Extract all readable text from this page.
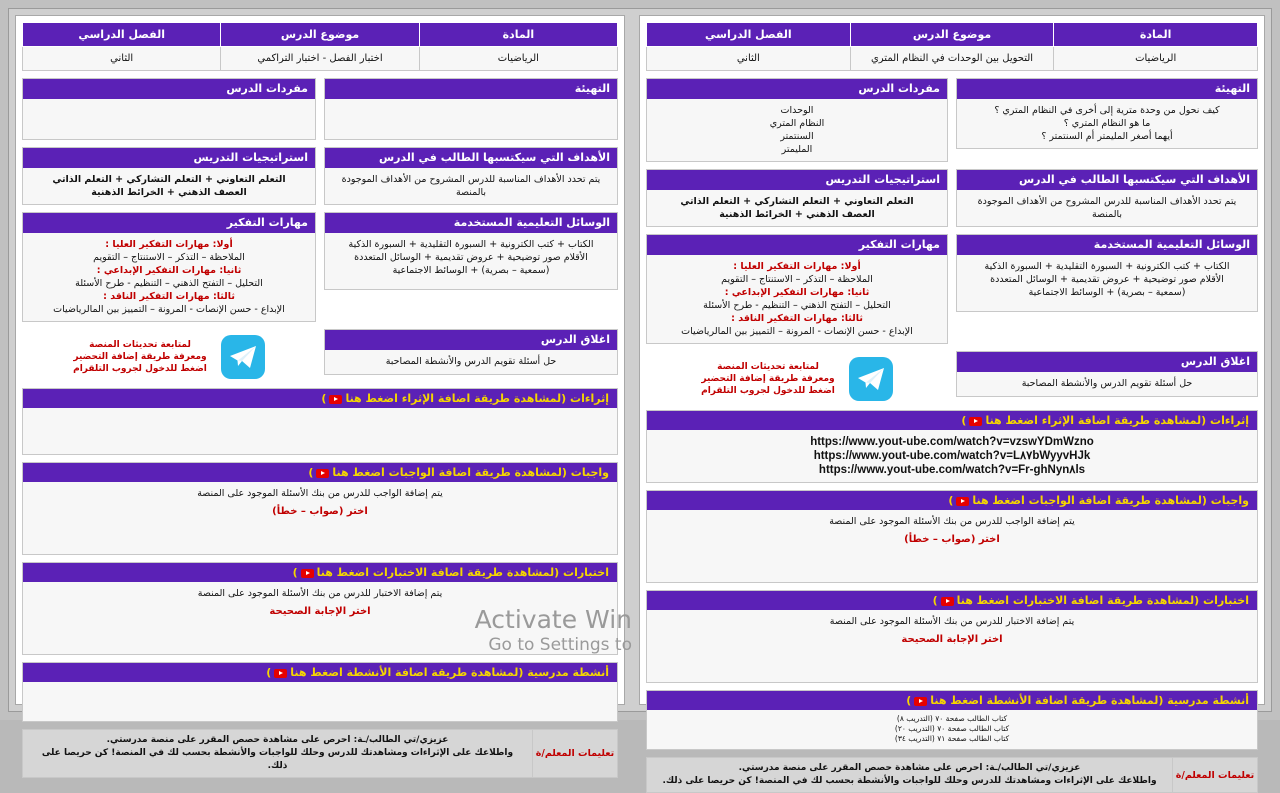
المادة	موضوع الدرس	الفصل الدراسي
الرياضيات	التحويل بين الوحدات في النظام المتري	الثاني
التهيئة
كيف نحول من وحدة مترية إلى أخرى في النظام المتري ؟
ما هو النظام المتري ؟
أيهما أصغر المليمتر أم السنتمتر ؟
مفردات الدرس
الوحدات
النظام المتري
السنتمتر
المليمتر
الأهداف التي سيكتسبها الطالب في الدرس
يتم تحدد الأهداف المناسبة للدرس المشروح من الأهداف الموجودة
بالمنصة
استراتيجيات التدريس
التعلم التعاوني + التعلم التشاركي + التعلم الذاتي
العصف الذهني + الخرائط الذهنية
الوسائل التعليمية المستخدمة
الكتاب + كتب الكترونية + السبورة التقليدية + السبورة الذكية
الأقلام صور توضيحية + عروض تقديمية + الوسائل المتعددة
(سمعية – بصرية) + الوسائط الاجتماعية
مهارات التفكير
أولا: مهارات التفكير العليا :
الملاحظة – التذكر – الاستنتاج – التقويم
ثانيا: مهارات التفكير الإبداعي :
التحليل – التفتح الذهني – التنظيم - طرح الأسئلة
ثالثا: مهارات التفكير الناقد :
الإبداع - حسن الإنصات - المرونة – التمييز بين المالرياضيات
اغلاق الدرس
حل أسئلة تقويم الدرس والأنشطة المصاحبة
لمتابعة تحديثات المنصة
ومعرفة طريقة إضافة التحضير
اضغط للدخول لجروب التلقرام
إثراءات (لمشاهدة طريقة اضافة الإثراء اضغط هنا)
https://www.yout-ube.com/watch?v=vzswYDmWzno
https://www.yout-ube.com/watch?v=L٨٧bWyyvHJk
https://www.yout-ube.com/watch?v=Fr-ghNyn٨ls
واجبات (لمشاهدة طريقة اضافة الواجبات اضغط هنا)
يتم إضافة الواجب للدرس من بنك الأسئلة الموجود على المنصة
اختر (صواب – خطأ)
اختبارات (لمشاهدة طريقة اضافة الاختبارات اضغط هنا)
يتم إضافة الاختبار للدرس من بنك الأسئلة الموجود على المنصة
اختر الإجابة الصحيحة
أنشطة مدرسية (لمشاهدة طريقة اضافة الأنشطة اضغط هنا)
كتاب الطالب صفحة ٧٠ (التدريب ٨)
كتاب الطالب صفحة ٧٠ (التدريب ٢٠)
كتاب الطالب صفحة ٧١ (التدريب ٣٤)
تعليمات المعلم/ة
عزيزي/تي الطالب/ـة: احرص على مشاهدة حصص المقرر على منصة مدرستي.
واطلاعك على الإثراءات ومشاهدتك للدرس وحلك للواجبات والأنشطة بحسب لك في المنصة! كن حريصا على ذلك.
المادة	موضوع الدرس	الفصل الدراسي
الرياضيات	اختبار الفصل - اختبار التراكمي	الثاني
التهيئة
مفردات الدرس
الأهداف التي سيكتسبها الطالب في الدرس
يتم تحدد الأهداف المناسبة للدرس المشروح من الأهداف الموجودة
بالمنصة
استراتيجيات التدريس
التعلم التعاوني + التعلم التشاركي + التعلم الذاتي
العصف الذهني + الخرائط الذهنية
الوسائل التعليمية المستخدمة
الكتاب + كتب الكترونية + السبورة التقليدية + السبورة الذكية
الأقلام صور توضيحية + عروض تقديمية + الوسائل المتعددة
(سمعية – بصرية) + الوسائط الاجتماعية
مهارات التفكير
أولا: مهارات التفكير العليا :
الملاحظة – التذكر – الاستنتاج – التقويم
ثانيا: مهارات التفكير الإبداعي :
التحليل – التفتح الذهني – التنظيم - طرح الأسئلة
ثالثا: مهارات التفكير الناقد :
الإبداع - حسن الإنصات - المرونة – التمييز بين المالرياضيات
اغلاق الدرس
حل أسئلة تقويم الدرس والأنشطة المصاحبة
لمتابعة تحديثات المنصة
ومعرفة طريقة إضافة التحضير
اضغط للدخول لجروب التلقرام
إثراءات (لمشاهدة طريقة اضافة الإثراء اضغط هنا)
واجبات (لمشاهدة طريقة اضافة الواجبات اضغط هنا)
يتم إضافة الواجب للدرس من بنك الأسئلة الموجود على المنصة
اختر (صواب – خطأ)
اختبارات (لمشاهدة طريقة اضافة الاختبارات اضغط هنا)
يتم إضافة الاختبار للدرس من بنك الأسئلة الموجود على المنصة
اختر الإجابة الصحيحة
أنشطة مدرسية (لمشاهدة طريقة اضافة الأنشطة اضغط هنا)
تعليمات المعلم/ة
عزيزي/تي الطالب/ـة: احرص على مشاهدة حصص المقرر على منصة مدرستي.
واطلاعك على الإثراءات ومشاهدتك للدرس وحلك للواجبات والأنشطة بحسب لك في المنصة! كن حريصا على ذلك.
Activate Win
Go to Settings to
